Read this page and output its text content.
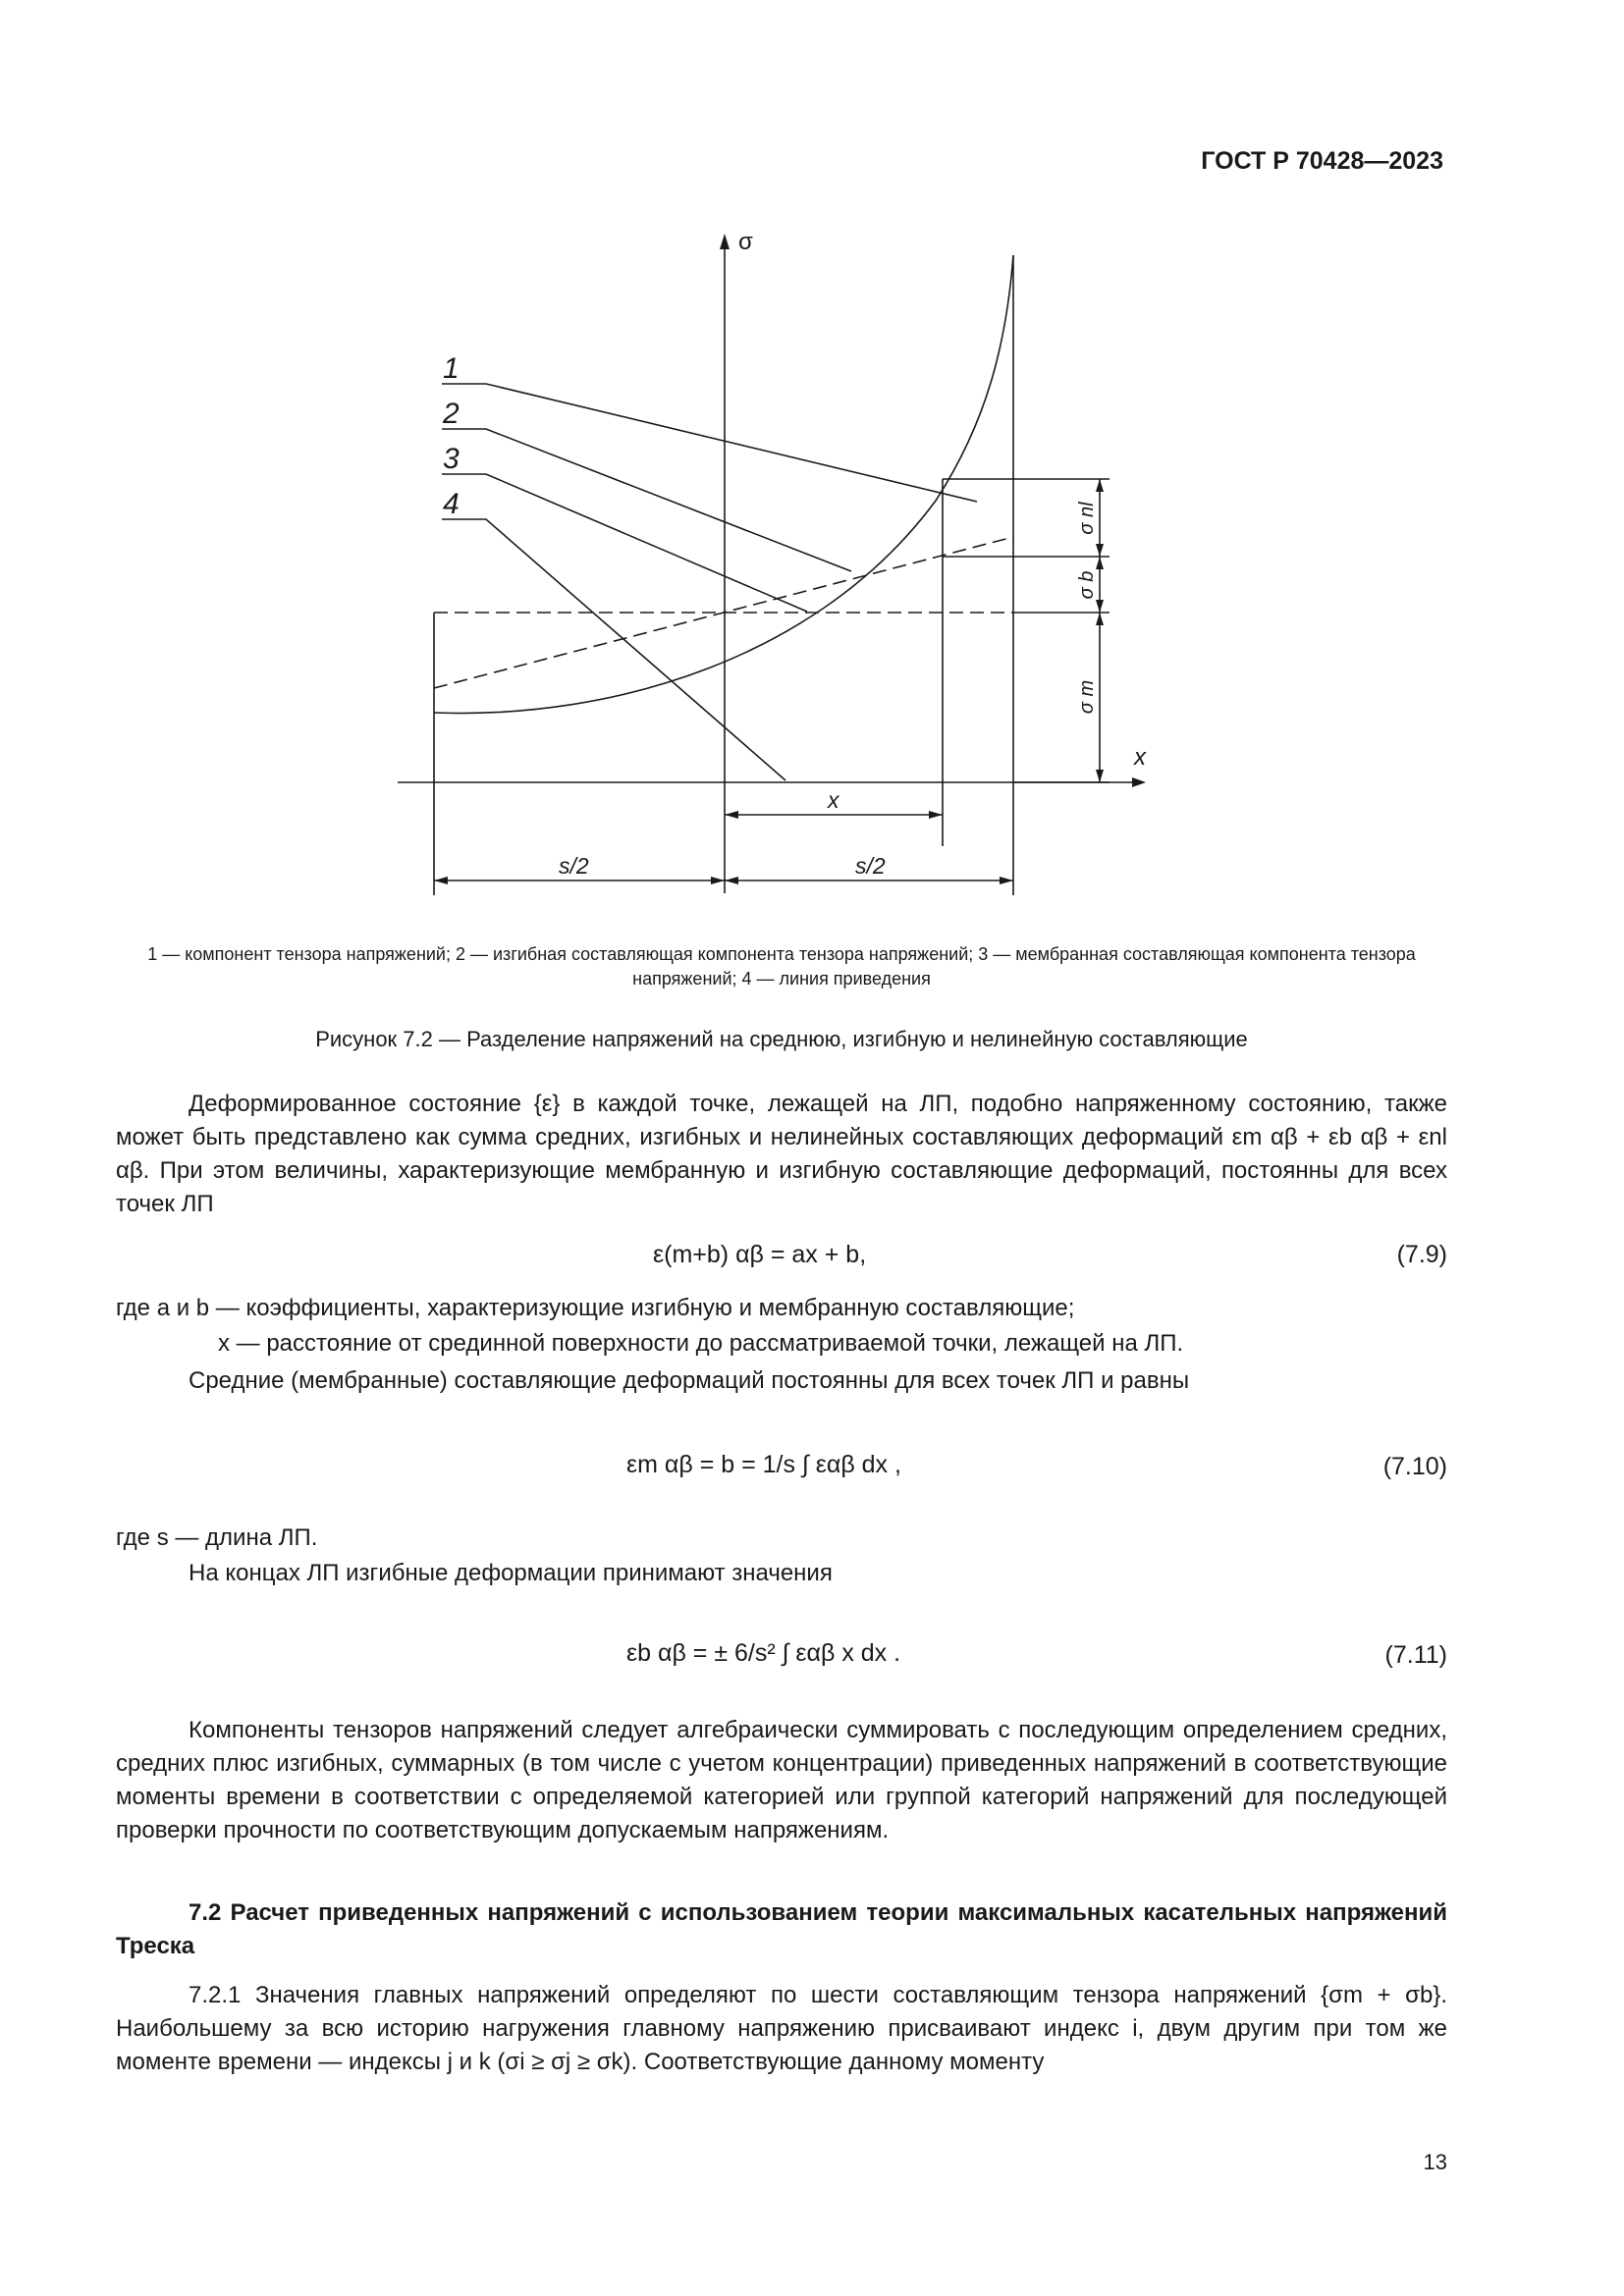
ГОСТ Р 70428—2023
1
2
3
4
σ
x
x
s/2	s/2
σ nl
σ b
σ m
1 — компонент тензора напряжений; 2 — изгибная составляющая компонента тензора напряжений; 3 — мембранная составляющая компонента тензора напряжений; 4 — линия приведения
Рисунок 7.2 — Разделение напряжений на среднюю, изгибную и нелинейную составляющие
Деформированное состояние {ε} в каждой точке, лежащей на ЛП, подобно напряженному состоянию, также может быть представлено как сумма средних, изгибных и нелинейных составляющих деформаций εm αβ + εb αβ + εnl αβ. При этом величины, характеризующие мембранную и изгибную составляющие деформаций, постоянны для всех точек ЛП
ε(m+b) αβ = ax + b,	(7.9)
где a и b — коэффициенты, характеризующие изгибную и мембранную составляющие;
x — расстояние от срединной поверхности до рассматриваемой точки, лежащей на ЛП.
Средние (мембранные) составляющие деформаций постоянны для всех точек ЛП и равны
εm αβ = b = 1/s ∫ εαβ dx ,	(7.10)
где s — длина ЛП.
На концах ЛП изгибные деформации принимают значения
εb αβ = ± 6/s² ∫ εαβ x dx .	(7.11)
Компоненты тензоров напряжений следует алгебраически суммировать с последующим определением средних, средних плюс изгибных, суммарных (в том числе с учетом концентрации) приведенных напряжений в соответствующие моменты времени в соответствии с определяемой категорией или группой категорий напряжений для последующей проверки прочности по соответствующим допускаемым напряжениям.
7.2 Расчет приведенных напряжений с использованием теории максимальных касательных напряжений Треска
7.2.1 Значения главных напряжений определяют по шести составляющим тензора напряжений {σm + σb}. Наибольшему за всю историю нагружения главному напряжению присваивают индекс i, двум другим при том же моменте времени — индексы j и k (σi ≥ σj ≥ σk). Соответствующие данному моменту
13
